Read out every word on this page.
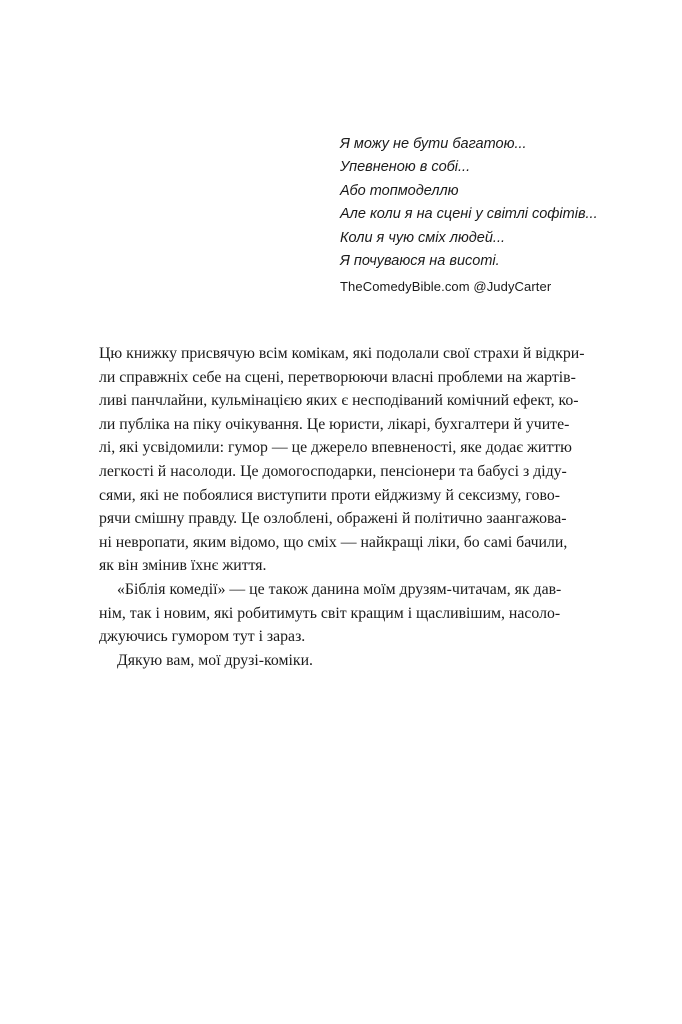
Я можу не бути багатою...
Упевненою в собі...
Або топмоделлю
Але коли я на сцені у світлі софітів...
Коли я чую сміх людей...
Я почуваюся на висоті.
TheComedyBible.com @JudyCarter
Цю книжку присвячую всім комікам, які подолали свої страхи й відкри-
ли справжніх себе на сцені, перетворюючи власні проблеми на жартів-
ливі панчлайни, кульмінацією яких є несподіваний комічний ефект, ко-
ли публіка на піку очікування. Це юристи, лікарі, бухгалтери й учите-
лі, які усвідомили: гумор — це джерело впевненості, яке додає життю
легкості й насолоди. Це домогосподарки, пенсіонери та бабусі з діду-
сями, які не побоялися виступити проти ейджизму й сексизму, гово-
рячи смішну правду. Це озлоблені, ображені й політично заангажова-
ні невропати, яким відомо, що сміх — найкращі ліки, бо самі бачили,
як він змінив їхнє життя.
«Біблія комедії» — це також данина моїм друзям-читачам, як дав-
нім, так і новим, які робитимуть світ кращим і щасливішим, насоло-
джуючись гумором тут і зараз.
Дякую вам, мої друзі-коміки.
